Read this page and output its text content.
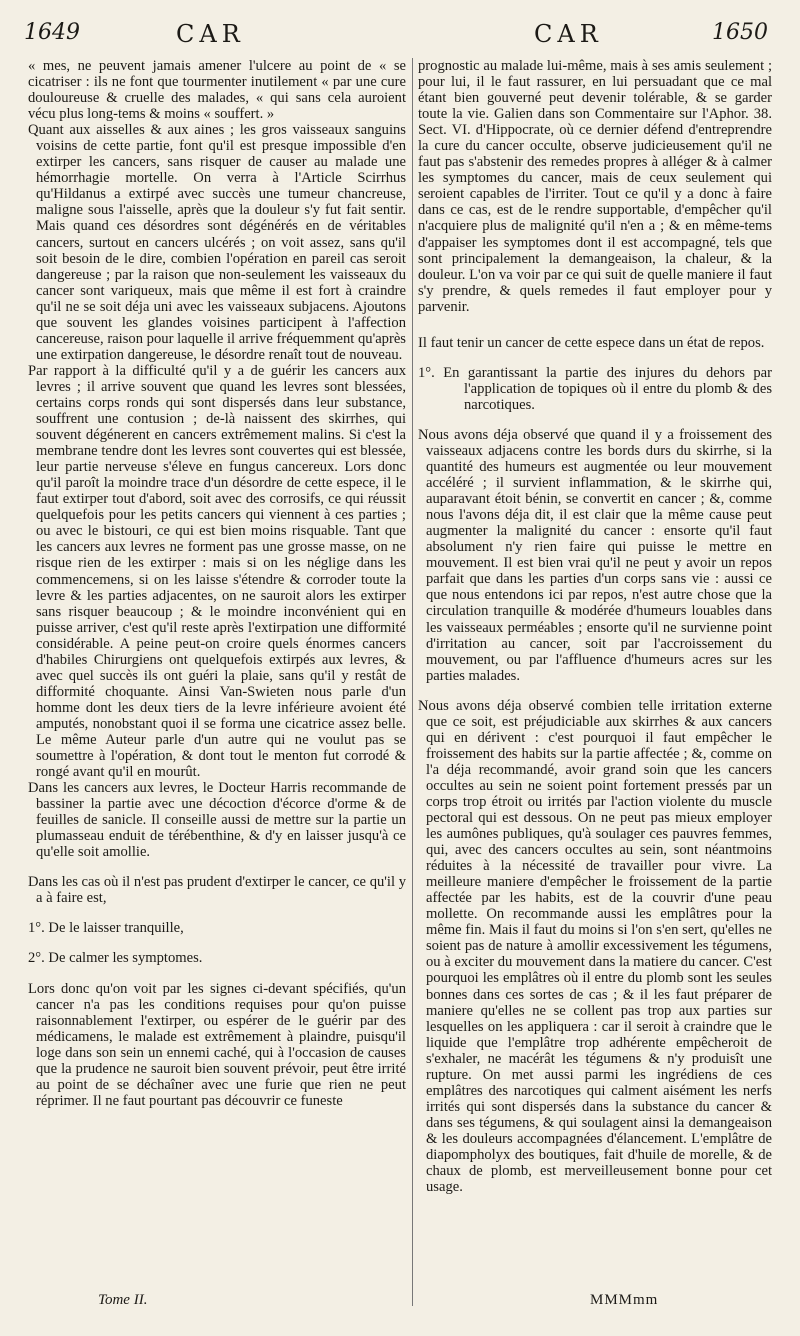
1649	CAR	CAR	1650

« mes, ne peuvent jamais amener l'ulcere au point de « se cicatriser : ils ne font que tourmenter inutilement « par une cure douloureuse & cruelle des malades, « qui sans cela auroient vécu plus long-tems & moins « souffert. »

Quant aux aisselles & aux aines ; les gros vaisseaux sanguins voisins de cette partie, font qu'il est presque impossible d'en extirper les cancers, sans risquer de causer au malade une hémorrhagie mortelle. On verra à l'Article Scirrhus qu'Hildanus a extirpé avec succès une tumeur chancreuse, maligne sous l'aisselle, après que la douleur s'y fut fait sentir. Mais quand ces désordres sont dégénérés en de véritables cancers, surtout en cancers ulcérés ; on voit assez, sans qu'il soit besoin de le dire, combien l'opération en pareil cas seroit dangereuse ; par la raison que non-seulement les vaisseaux du cancer sont variqueux, mais que même il est fort à craindre qu'il ne se soit déja uni avec les vaisseaux subjacens. Ajoutons que souvent les glandes voisines participent à l'affection cancereuse, raison pour laquelle il arrive fréquemment qu'après une extirpation dangereuse, le désordre renaît tout de nouveau.

Par rapport à la difficulté qu'il y a de guérir les cancers aux levres ; il arrive souvent que quand les levres sont blessées, certains corps ronds qui sont dispersés dans leur substance, souffrent une contusion ; de-là naissent des skirrhes, qui souvent dégénerent en cancers extrêmement malins. Si c'est la membrane tendre dont les levres sont couvertes qui est blessée, leur partie nerveuse s'éleve en fungus cancereux. Lors donc qu'il paroît la moindre trace d'un désordre de cette espece, il le faut extirper tout d'abord, soit avec des corrosifs, ce qui réussit quelquefois pour les petits cancers qui viennent à ces parties ; ou avec le bistouri, ce qui est bien moins risquable. Tant que les cancers aux levres ne forment pas une grosse masse, on ne risque rien de les extirper : mais si on les néglige dans les commencemens, si on les laisse s'étendre & corroder toute la levre & les parties adjacentes, on ne sauroit alors les extirper sans risquer beaucoup ; & le moindre inconvénient qui en puisse arriver, c'est qu'il reste après l'extirpation une difformité considérable. A peine peut-on croire quels énormes cancers d'habiles Chirurgiens ont quelquefois extirpés aux levres, & avec quel succès ils ont guéri la plaie, sans qu'il y restât de difformité choquante. Ainsi Van-Swieten nous parle d'un homme dont les deux tiers de la levre inférieure avoient été amputés, nonobstant quoi il se forma une cicatrice assez belle. Le même Auteur parle d'un autre qui ne voulut pas se soumettre à l'opération, & dont tout le menton fut corrodé & rongé avant qu'il en mourût.

Dans les cancers aux levres, le Docteur Harris recommande de bassiner la partie avec une décoction d'écorce d'orme & de feuilles de sanicle. Il conseille aussi de mettre sur la partie un plumasseau enduit de térébenthine, & d'y en laisser jusqu'à ce qu'elle soit amollie.

Dans les cas où il n'est pas prudent d'extirper le cancer, ce qu'il y a à faire est,

1°. De le laisser tranquille,

2°. De calmer les symptomes.

Lors donc qu'on voit par les signes ci-devant spécifiés, qu'un cancer n'a pas les conditions requises pour qu'on puisse raisonnablement l'extirper, ou espérer de le guérir par des médicamens, le malade est extrêmement à plaindre, puisqu'il loge dans son sein un ennemi caché, qui à l'occasion de causes que la prudence ne sauroit bien souvent prévoir, peut être irrité au point de se déchaîner avec une furie que rien ne peut réprimer. Il ne faut pourtant pas découvrir ce funeste

prognostic au malade lui-même, mais à ses amis seulement ; pour lui, il le faut rassurer, en lui persuadant que ce mal étant bien gouverné peut devenir tolérable, & se garder toute la vie. Galien dans son Commentaire sur l'Aphor. 38. Sect. VI. d'Hippocrate, où ce dernier défend d'entreprendre la cure du cancer occulte, observe judicieusement qu'il ne faut pas s'abstenir des remedes propres à alléger & à calmer les symptomes du cancer, mais de ceux seulement qui seroient capables de l'irriter. Tout ce qu'il y a donc à faire dans ce cas, est de le rendre supportable, d'empêcher qu'il n'acquiere plus de malignité qu'il n'en a ; & en même-tems d'appaiser les symptomes dont il est accompagné, tels que sont principalement la demangeaison, la chaleur, & la douleur. L'on va voir par ce qui suit de quelle maniere il faut s'y prendre, & quels remedes il faut employer pour y parvenir.

Il faut tenir un cancer de cette espece dans un état de repos.

1°. En garantissant la partie des injures du dehors par l'application de topiques où il entre du plomb & des narcotiques.

Nous avons déja observé que quand il y a froissement des vaisseaux adjacens contre les bords durs du skirrhe, si la quantité des humeurs est augmentée ou leur mouvement accéléré ; il survient inflammation, & le skirrhe qui, auparavant étoit bénin, se convertit en cancer ; &, comme nous l'avons déja dit, il est clair que la même cause peut augmenter la malignité du cancer : ensorte qu'il faut absolument n'y rien faire qui puisse le mettre en mouvement. Il est bien vrai qu'il ne peut y avoir un repos parfait que dans les parties d'un corps sans vie : aussi ce que nous entendons ici par repos, n'est autre chose que la circulation tranquille & modérée d'humeurs louables dans les vaisseaux perméables ; ensorte qu'il ne survienne point d'irritation au cancer, soit par l'accroissement du mouvement, ou par l'affluence d'humeurs acres sur les parties malades.

Nous avons déja observé combien telle irritation externe que ce soit, est préjudiciable aux skirrhes & aux cancers qui en dérivent : c'est pourquoi il faut empêcher le froissement des habits sur la partie affectée ; &, comme on l'a déja recommandé, avoir grand soin que les cancers occultes au sein ne soient point fortement pressés par un corps trop étroit ou irrités par l'action violente du muscle pectoral qui est dessous. On ne peut pas mieux employer les aumônes publiques, qu'à soulager ces pauvres femmes, qui, avec des cancers occultes au sein, sont néantmoins réduites à la nécessité de travailler pour vivre. La meilleure maniere d'empêcher le froissement de la partie affectée par les habits, est de la couvrir d'une peau mollette. On recommande aussi les emplâtres pour la même fin. Mais il faut du moins si l'on s'en sert, qu'elles ne soient pas de nature à amollir excessivement les tégumens, ou à exciter du mouvement dans la matiere du cancer. C'est pourquoi les emplâtres où il entre du plomb sont les seules bonnes dans ces sortes de cas ; & il les faut préparer de maniere qu'elles ne se collent pas trop aux parties sur lesquelles on les appliquera : car il seroit à craindre que le liquide que l'emplâtre trop adhérente empêcheroit de s'exhaler, ne macérât les tégumens & n'y produisît une rupture. On met aussi parmi les ingrédiens de ces emplâtres des narcotiques qui calment aisément les nerfs irrités qui sont dispersés dans la substance du cancer & dans ses tégumens, & qui soulagent ainsi la demangeaison & les douleurs accompagnées d'élancement. L'emplâtre de diapompholyx des boutiques, fait d'huile de morelle, & de chaux de plomb, est merveilleusement bonne pour cet usage.

Tome II.	MMMmm
